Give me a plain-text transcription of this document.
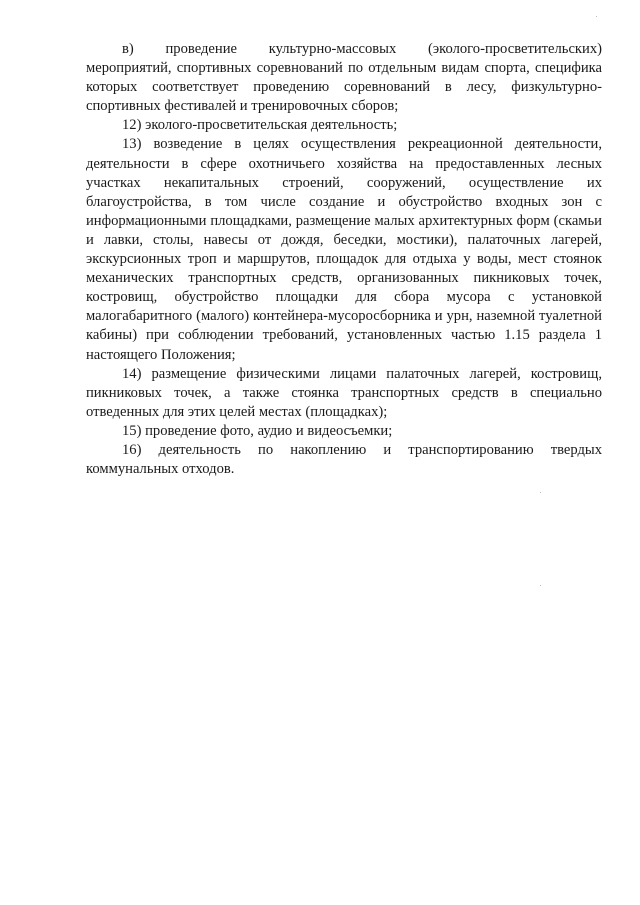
в) проведение культурно-массовых (эколого-просветительских) мероприятий, спортивных соревнований по отдельным видам спорта, специфика которых соответствует проведению соревнований в лесу, физкультурно-спортивных фестивалей и тренировочных сборов;

12) эколого-просветительская деятельность;

13) возведение в целях осуществления рекреационной деятельности, деятельности в сфере охотничьего хозяйства на предоставленных лесных участках некапитальных строений, сооружений, осуществление их благоустройства, в том числе создание и обустройство входных зон с информационными площадками, размещение малых архитектурных форм (скамьи и лавки, столы, навесы от дождя, беседки, мостики), палаточных лагерей, экскурсионных троп и маршрутов, площадок для отдыха у воды, мест стоянок механических транспортных средств, организованных пикниковых точек, костровищ, обустройство площадки для сбора мусора с установкой малогабаритного (малого) контейнера-мусоросборника и урн, наземной туалетной кабины) при соблюдении требований, установленных частью 1.15 раздела 1 настоящего Положения;

14) размещение физическими лицами палаточных лагерей, костровищ, пикниковых точек, а также стоянка транспортных средств в специально отведенных для этих целей местах (площадках);

15) проведение фото, аудио и видеосъемки;

16) деятельность по накоплению и транспортированию твердых коммунальных отходов.
